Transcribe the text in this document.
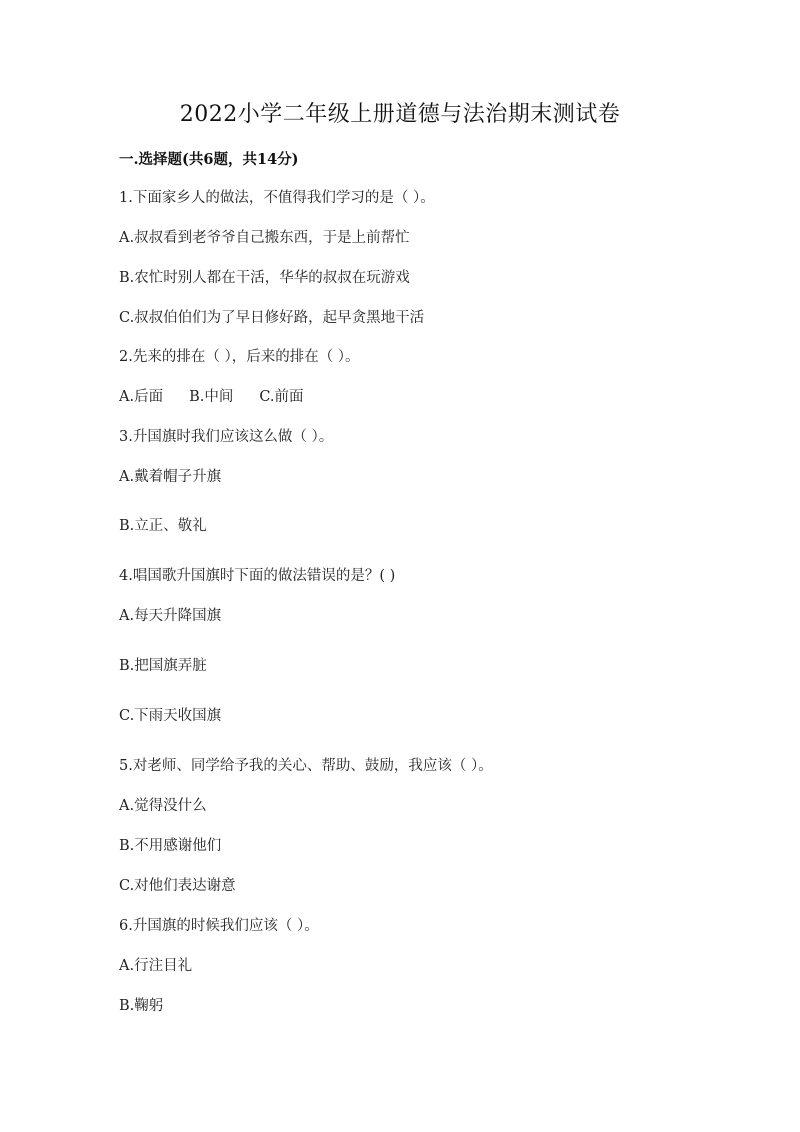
2022小学二年级上册道德与法治期末测试卷
一.选择题(共6题，共14分)
1.下面家乡人的做法，不值得我们学习的是（ ）。
A.叔叔看到老爷爷自己搬东西，于是上前帮忙
B.农忙时别人都在干活，华华的叔叔在玩游戏
C.叔叔伯伯们为了早日修好路，起早贪黑地干活
2.先来的排在（ ），后来的排在（ ）。
A.后面 B.中间 C.前面
3.升国旗时我们应该这么做（ ）。
A.戴着帽子升旗
B.立正、敬礼
4.唱国歌升国旗时下面的做法错误的是？( )
A.每天升降国旗
B.把国旗弄脏
C.下雨天收国旗
5.对老师、同学给予我的关心、帮助、鼓励，我应该（ ）。
A.觉得没什么
B.不用感谢他们
C.对他们表达谢意
6.升国旗的时候我们应该（ ）。
A.行注目礼
B.鞠躬
